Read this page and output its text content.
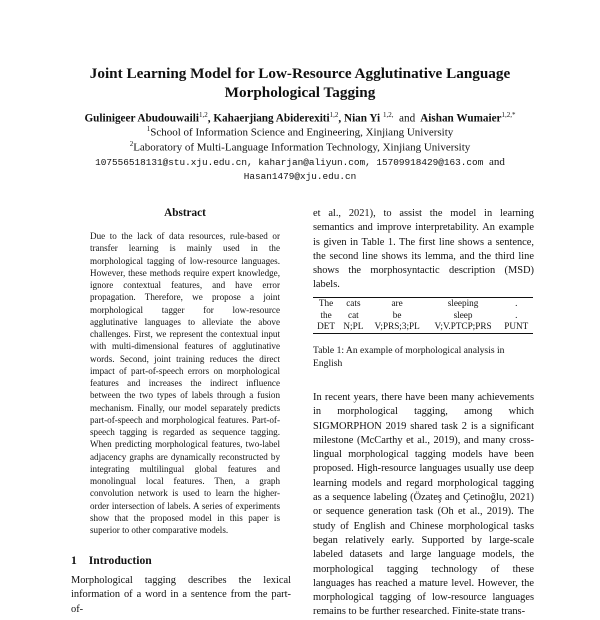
Joint Learning Model for Low-Resource Agglutinative Language
Morphological Tagging
Gulinigeer Abudouwaili$^{1,2}$, Kahaerjiang Abiderexiti$^{1,2}$, Nian Yi $^{1,2,}$ and Aishan Wumaier$^{1,2,*}$
$^1$School of Information Science and Engineering, Xinjiang University
$^2$Laboratory of Multi-Language Information Technology, Xinjiang University
107556518131@stu.xju.edu.cn, kaharjan@aliyun.com, 15709918429@163.com and
Hasan1479@xju.edu.cn
Abstract

Due to the lack of data resources, rule-based or transfer learning is mainly used in the morphological tagging of low-resource languages. However, these methods require expert knowledge, ignore contextual features, and have error propagation. Therefore, we propose a joint morphological tagger for low-resource agglutinative languages to alleviate the above challenges. First, we represent the contextual input with multi-dimensional features of agglutinative words. Second, joint training reduces the direct impact of part-of-speech errors on morphological features and increases the indirect influence between the two types of labels through a fusion mechanism. Finally, our model separately predicts part-of-speech and morphological features. Part-of-speech tagging is regarded as sequence tagging. When predicting morphological features, two-label adjacency graphs are dynamically reconstructed by integrating multilingual global features and monolingual local features. Then, a graph convolution network is used to learn the higher-order intersection of labels. A series of experiments show that the proposed model in this paper is superior to other comparative models.

1 Introduction

Morphological tagging describes the lexical information of a word in a sentence from the part-of-

et al., 2021), to assist the model in learning semantics and improve interpretability. An example is given in Table 1. The first line shows a sentence, the second line shows its lemma, and the third line shows the morphosyntactic description (MSD) labels.

The	cats	are	sleeping	.
the	cat	be	sleep	.
DET	N;PL	V;PRS;3;PL	V;V.PTCP;PRS	PUNT

Table 1: An example of morphological analysis in English

In recent years, there have been many achievements in morphological tagging, among which SIGMORPHON 2019 shared task 2 is a significant milestone (McCarthy et al., 2019), and many cross-lingual morphological tagging models have been proposed. High-resource languages usually use deep learning models and regard morphological tagging as a sequence labeling (Özateş and Çetinoğlu, 2021) or sequence generation task (Oh et al., 2019). The study of English and Chinese morphological tasks began relatively early. Supported by large-scale labeled datasets and large language models, the morphological tagging technology of these languages has reached a mature level. However, the morphological tagging of low-resource languages remains to be further researched. Finite-state trans-
